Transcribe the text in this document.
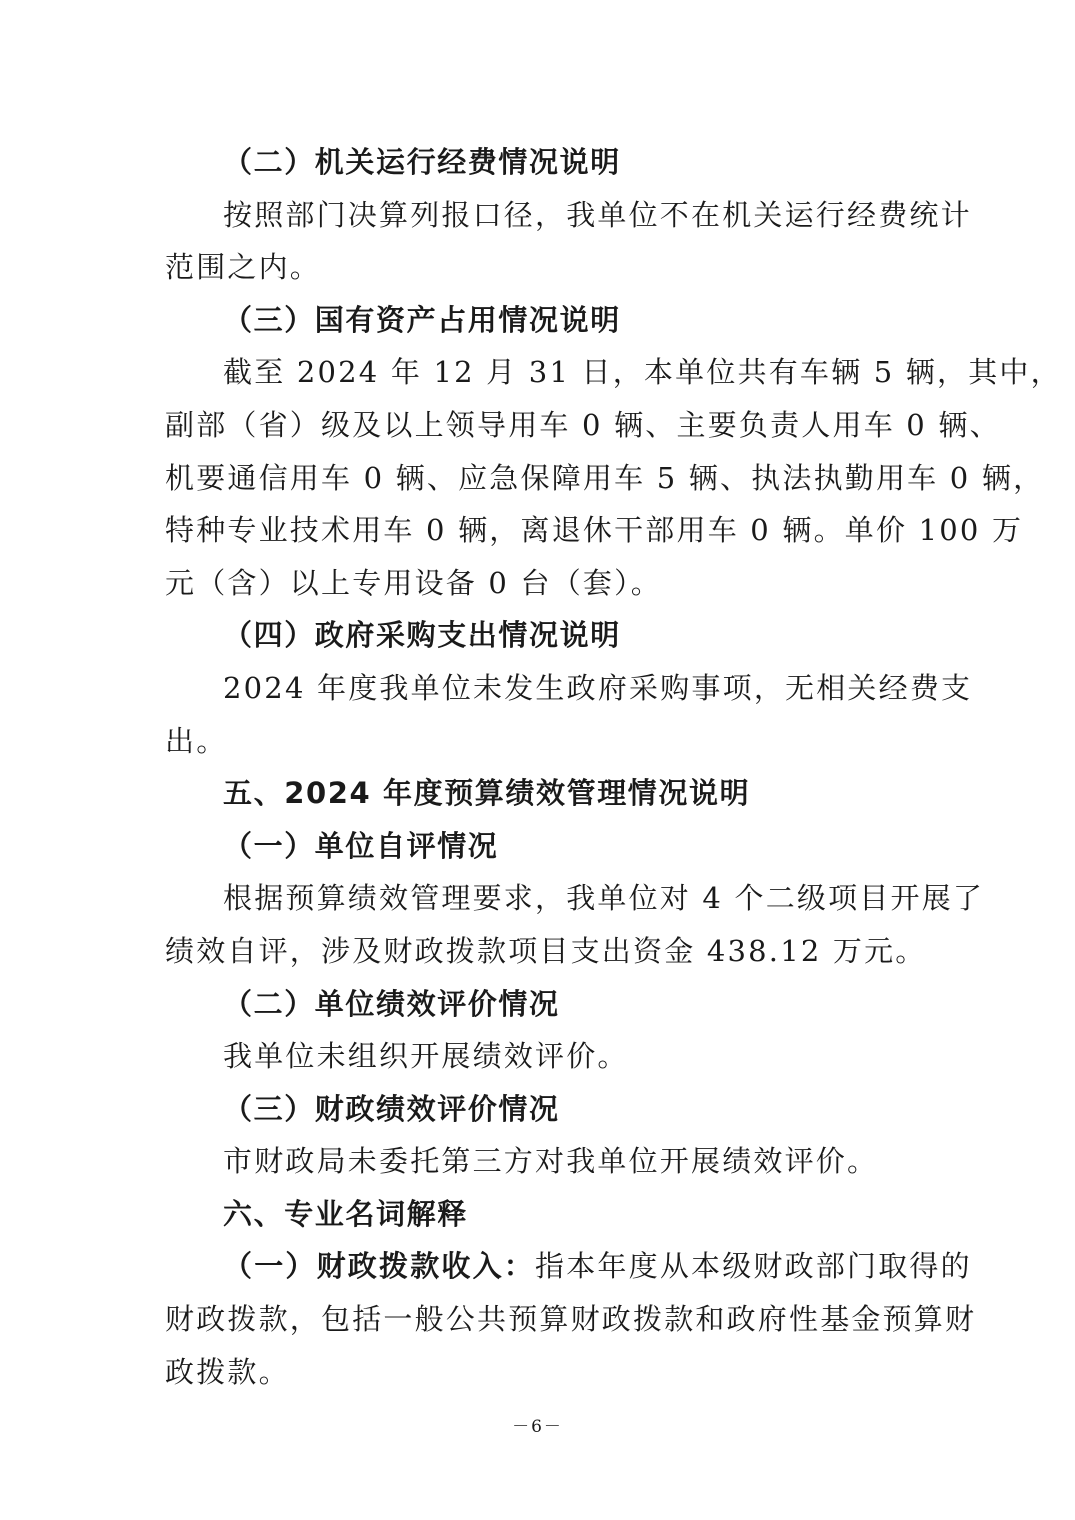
（二）机关运行经费情况说明
按照部门决算列报口径，我单位不在机关运行经费统计
范围之内。
（三）国有资产占用情况说明
截至 2024 年 12 月 31 日，本单位共有车辆 5 辆，其中，
副部（省）级及以上领导用车 0 辆、主要负责人用车 0 辆、
机要通信用车 0 辆、应急保障用车 5 辆、执法执勤用车 0 辆，
特种专业技术用车 0 辆，离退休干部用车 0 辆。单价 100 万
元（含）以上专用设备 0 台（套）。
（四）政府采购支出情况说明
2024 年度我单位未发生政府采购事项，无相关经费支
出。
五、2024 年度预算绩效管理情况说明
（一）单位自评情况
根据预算绩效管理要求，我单位对 4 个二级项目开展了
绩效自评，涉及财政拨款项目支出资金 438.12 万元。
（二）单位绩效评价情况
我单位未组织开展绩效评价。
（三）财政绩效评价情况
市财政局未委托第三方对我单位开展绩效评价。
六、专业名词解释
（一）财政拨款收入：指本年度从本级财政部门取得的
财政拨款，包括一般公共预算财政拨款和政府性基金预算财
政拨款。
－6－
